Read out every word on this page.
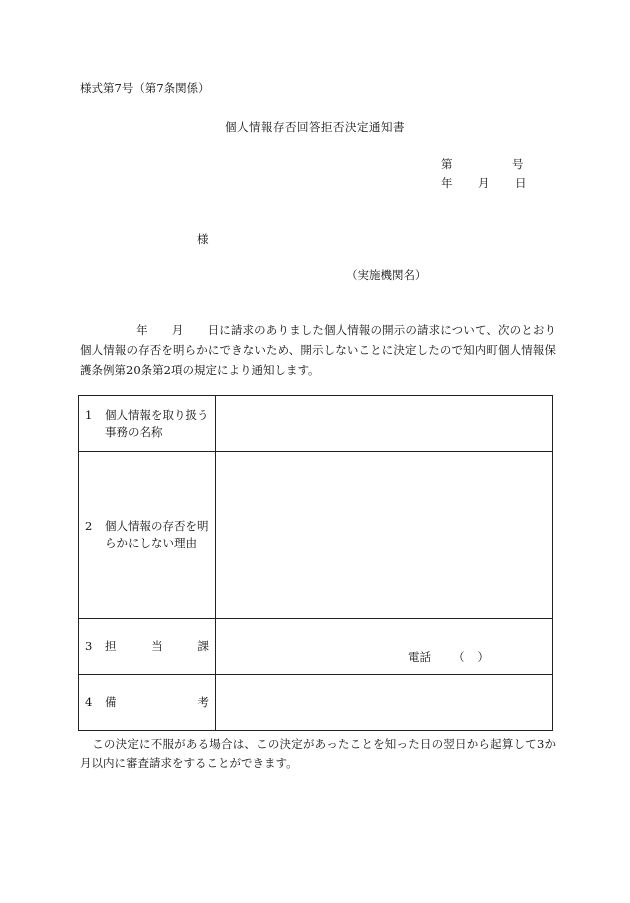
様式第7号（第7条関係）
個人情報存否回答拒否決定通知書
第	号
年 月 日
様
（実施機関名）
年 月 日に請求のありました個人情報の開示の請求について、次のとおり個人情報の存否を明らかにできないため、開示しないことに決定したので知内町個人情報保護条例第20条第2項の規定により通知します。
1 個人情報を取り扱う事務の名称	

2 個人情報の存否を明らかにしない理由	

3 担 当 課	電話 （ ）

4 備 考	

この決定に不服がある場合は、この決定があったことを知った日の翌日から起算して3か月以内に審査請求をすることができます。
